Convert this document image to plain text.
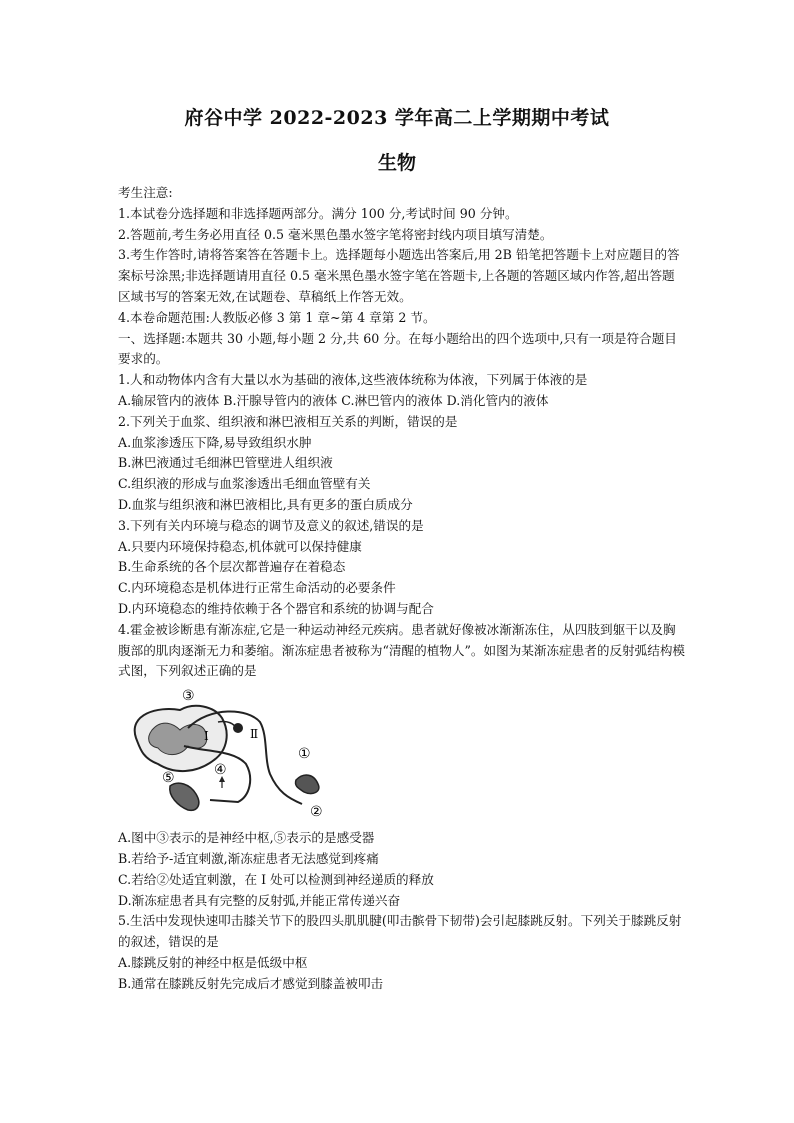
府谷中学 2022-2023 学年高二上学期期中考试
生物

考生注意:

1.本试卷分选择题和非选择题两部分。满分 100 分,考试时间 90 分钟。

2.答题前,考生务必用直径 0.5 毫米黑色墨水签字笔将密封线内项目填写清楚。

3.考生作答时,请将答案答在答题卡上。选择题每小题选出答案后,用 2B 铅笔把答题卡上对应题目的答案标号涂黑;非选择题请用直径 0.5 毫米黑色墨水签字笔在答题卡,上各题的答题区域内作答,超出答题区域书写的答案无效,在试题卷、草稿纸上作答无效。

4.本卷命题范围:人教版必修 3 第 1 章~第 4 章第 2 节。

一、选择题:本题共 30 小题,每小题 2 分,共 60 分。在每小题给出的四个选项中,只有一项是符合题目要求的。

1.人和动物体内含有大量以水为基础的液体,这些液体统称为体液，下列属于体液的是

A.输尿管内的液体 B.汗腺导管内的液体 C.淋巴管内的液体 D.消化管内的液体

2.下列关于血浆、组织液和淋巴液相互关系的判断，错误的是

A.血浆渗透压下降,易导致组织水肿

B.淋巴液通过毛细淋巴管壁进人组织液

C.组织液的形成与血浆渗透出毛细血管壁有关

D.血浆与组织液和淋巴液相比,具有更多的蛋白质成分

3.下列有关内环境与稳态的调节及意义的叙述,错误的是

A.只要内环境保持稳态,机体就可以保持健康

B.生命系统的各个层次都普遍存在着稳态

C.内环境稳态是机体进行正常生命活动的必要条件

D.内环境稳态的维持依赖于各个器官和系统的协调与配合

4.霍金被诊断患有渐冻症,它是一种运动神经元疾病。患者就好像被冰渐渐冻住，从四肢到躯干以及胸腹部的肌肉逐渐无力和萎缩。渐冻症患者被称为“清醒的植物人”。如图为某渐冻症患者的反射弧结构模式图，下列叙述正确的是

③
Ⅰ	Ⅱ
①
②
④
⑤

A.图中③表示的是神经中枢,⑤表示的是感受器

B.若给予-适宜刺激,渐冻症患者无法感觉到疼痛

C.若给②处适宜刺激，在 I 处可以检测到神经递质的释放

D.渐冻症患者具有完整的反射弧,并能正常传递兴奋

5.生活中发现快速叩击膝关节下的股四头肌肌腱(叩击髌骨下韧带)会引起膝跳反射。下列关于膝跳反射的叙述，错误的是

A.膝跳反射的神经中枢是低级中枢

B.通常在膝跳反射先完成后才感觉到膝盖被叩击
